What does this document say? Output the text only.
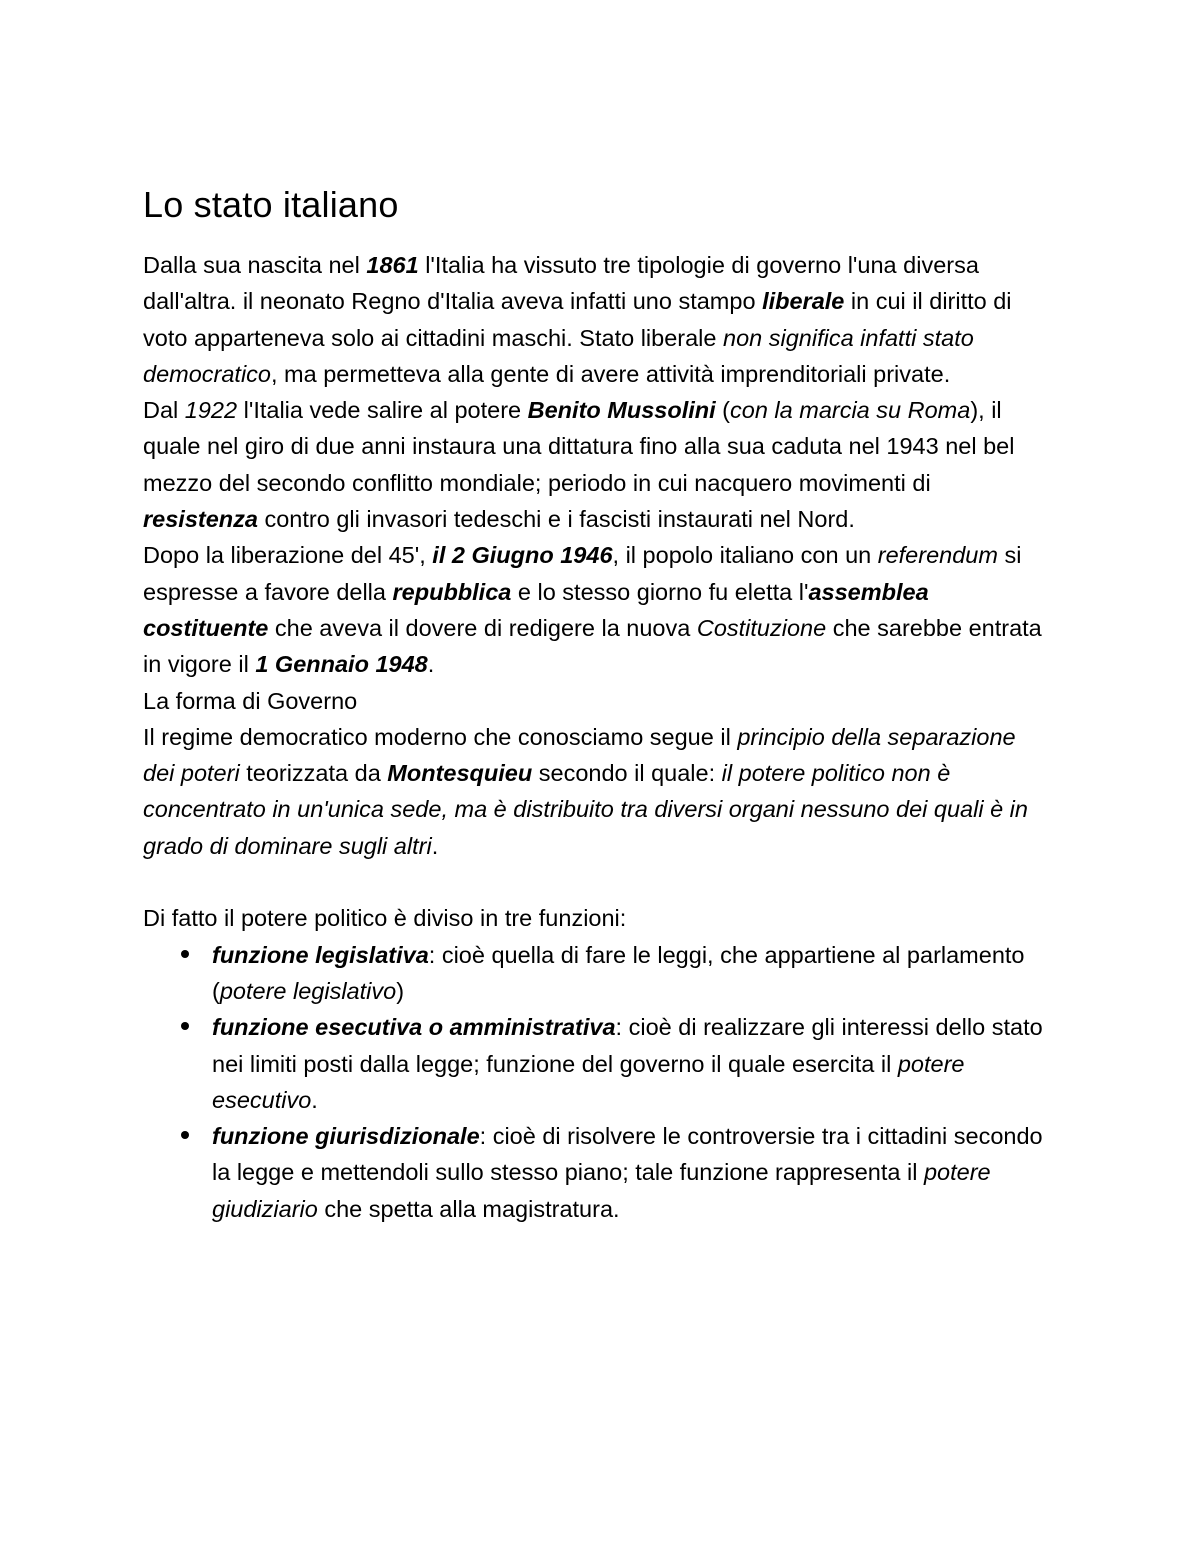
Lo stato italiano

Dalla sua nascita nel 1861 l'Italia ha vissuto tre tipologie di governo l'una diversa dall'altra. il neonato Regno d'Italia aveva infatti uno stampo liberale in cui il diritto di voto apparteneva solo ai cittadini maschi. Stato liberale non significa infatti stato democratico, ma permetteva alla gente di avere attività imprenditoriali private.

Dal 1922 l'Italia vede salire al potere Benito Mussolini (con la marcia su Roma), il quale nel giro di due anni instaura una dittatura fino alla sua caduta nel 1943 nel bel mezzo del secondo conflitto mondiale; periodo in cui nacquero movimenti di resistenza contro gli invasori tedeschi e i fascisti instaurati nel Nord.

Dopo la liberazione del 45', il 2 Giugno 1946, il popolo italiano con un referendum si espresse a favore della repubblica e lo stesso giorno fu eletta l'assemblea costituente che aveva il dovere di redigere la nuova Costituzione che sarebbe entrata in vigore il 1 Gennaio 1948.

La forma di Governo

Il regime democratico moderno che conosciamo segue il principio della separazione dei poteri teorizzata da Montesquieu secondo il quale: il potere politico non è concentrato in un'unica sede, ma è distribuito tra diversi organi nessuno dei quali è in grado di dominare sugli altri.

Di fatto il potere politico è diviso in tre funzioni:

funzione legislativa: cioè quella di fare le leggi, che appartiene al parlamento (potere legislativo)
funzione esecutiva o amministrativa: cioè di realizzare gli interessi dello stato nei limiti posti dalla legge; funzione del governo il quale esercita il potere esecutivo.
funzione giurisdizionale: cioè di risolvere le controversie tra i cittadini secondo la legge e mettendoli sullo stesso piano; tale funzione rappresenta il potere giudiziario che spetta alla magistratura.
